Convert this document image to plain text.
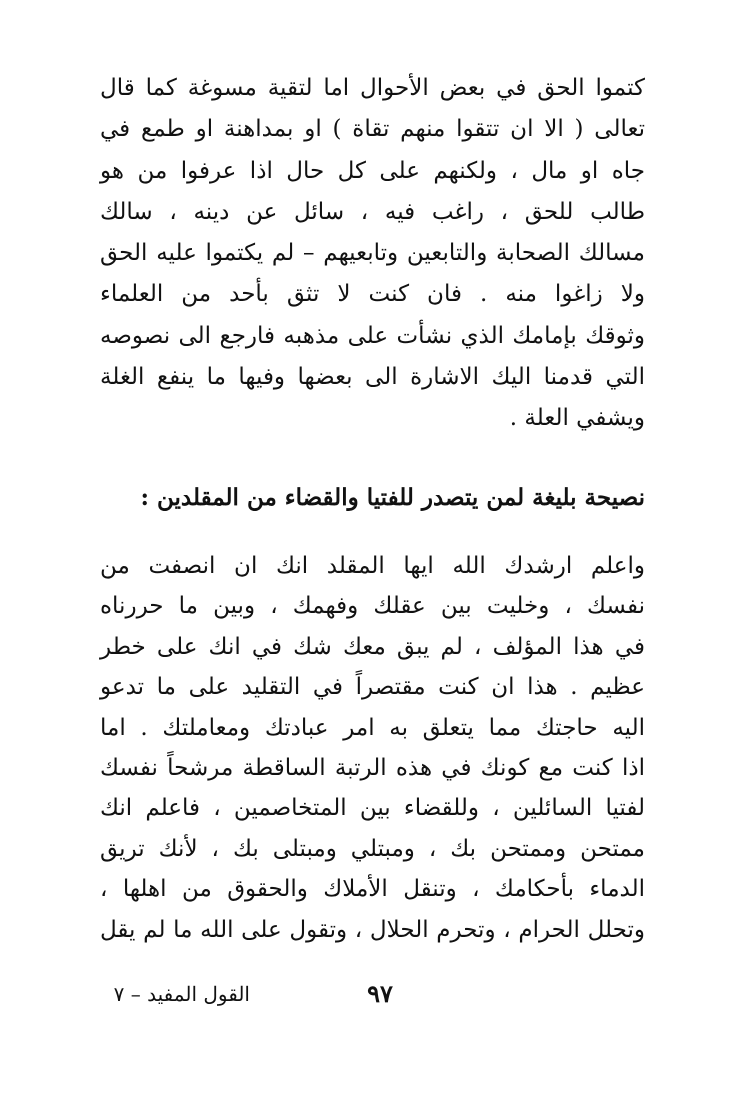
كتموا الحق في بعض الأحوال اما لتقية مسوغة كما قال
تعالى ( الا ان تتقوا منهم تقاة ) او بمداهنة او طمع في
جاه او مال ، ولكنهم على كل حال اذا عرفوا من هو
طالب للحق ، راغب فيه ، سائل عن دينه ، سالك
مسالك الصحابة والتابعين وتابعيهم – لم يكتموا عليه الحق
ولا زاغوا منه . فان كنت لا تثق بأحد من العلماء
وثوقك بإمامك الذي نشأت على مذهبه فارجع الى نصوصه
التي قدمنا اليك الاشارة الى بعضها وفيها ما ينفع الغلة
ويشفي العلة .
نصيحة بليغة لمن يتصدر للفتيا والقضاء من المقلدين :
واعلم ارشدك الله ايها المقلد انك ان انصفت من
نفسك ، وخليت بين عقلك وفهمك ، وبين ما حررناه
في هذا المؤلف ، لم يبق معك شك في انك على خطر
عظيم . هذا ان كنت مقتصراً في التقليد على ما تدعو
اليه حاجتك مما يتعلق به امر عبادتك ومعاملتك . اما
اذا كنت مع كونك في هذه الرتبة الساقطة مرشحاً نفسك
لفتيا السائلين ، وللقضاء بين المتخاصمين ، فاعلم انك
ممتحن وممتحن بك ، ومبتلي ومبتلى بك ، لأنك تريق
الدماء بأحكامك ، وتنقل الأملاك والحقوق من اهلها ،
وتحلل الحرام ، وتحرم الحلال ، وتقول على الله ما لم يقل
القول المفيد – ٧	٩٧
